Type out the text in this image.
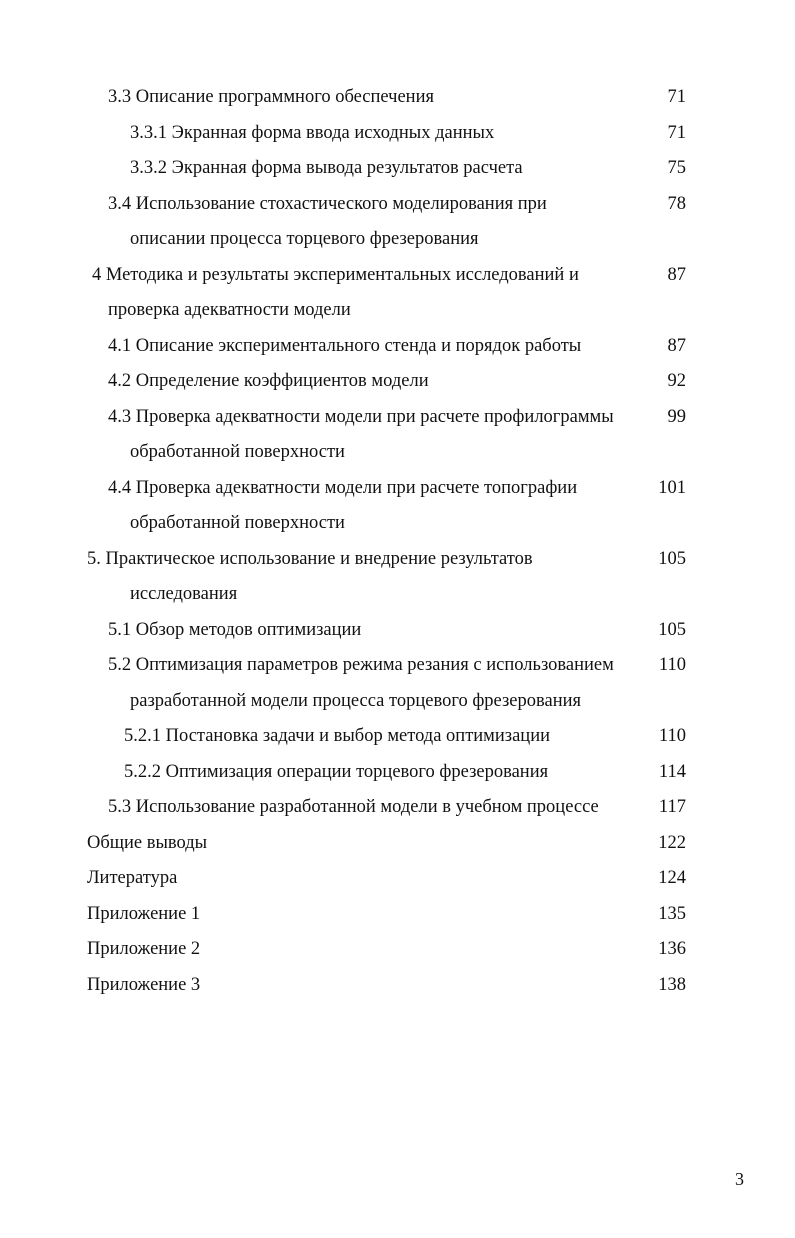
3.3 Описание программного обеспечения	71
3.3.1 Экранная форма ввода исходных данных	71
3.3.2 Экранная форма вывода результатов расчета	75
3.4 Использование стохастического моделирования при	78
описании процесса торцевого фрезерования
4 Методика и результаты экспериментальных исследований и	87
проверка адекватности модели
4.1 Описание экспериментального стенда и порядок работы	87
4.2 Определение коэффициентов модели	92
4.3 Проверка адекватности модели при расчете профилограммы	99
обработанной поверхности
4.4 Проверка адекватности модели при расчете топографии	101
обработанной поверхности
5. Практическое использование и внедрение результатов	105
исследования
5.1 Обзор методов оптимизации	105
5.2 Оптимизация параметров режима резания с использованием	110
разработанной модели процесса торцевого фрезерования
5.2.1 Постановка задачи и выбор метода оптимизации	110
5.2.2 Оптимизация операции торцевого фрезерования	114
5.3 Использование разработанной модели в учебном процессе	117
Общие выводы	122
Литература	124
Приложение 1	135
Приложение 2	136
Приложение 3	138
3
